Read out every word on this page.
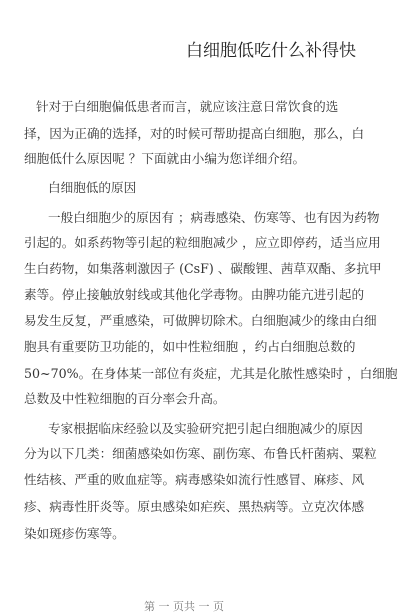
白细胞低吃什么补得快
针对于白细胞偏低患者而言，就应该注意日常饮食的选
择，因为正确的选择，对的时候可帮助提高白细胞，那么，白
细胞低什么原因呢 ？下面就由小编为您详细介绍。
白细胞低的原因
一般白细胞少的原因有 ；病毒感染、伤寒等、也有因为药物
引起的。如系药物等引起的粒细胞减少 ，应立即停药，适当应用
生白药物，如集落刺激因子 (CsF) 、碳酸锂、茜草双酯、多抗甲
素等。停止接触放射线或其他化学毒物。由脾功能亢进引起的
易发生反复，严重感染，可做脾切除术。白细胞减少的缘由白细
胞具有重要防卫功能的，如中性粒细胞 ，约占白细胞总数的
50~70%。在身体某一部位有炎症，尤其是化脓性感染时 ，白细胞
总数及中性粒细胞的百分率会升高。
专家根据临床经验以及实验研究把引起白细胞减少的原因
分为以下几类：细菌感染如伤寒、副伤寒、布鲁氏杆菌病、粟粒
性结核、严重的败血症等。病毒感染如流行性感冒、麻疹、风
疹、病毒性肝炎等。原虫感染如疟疾、黑热病等。立克次体感
染如斑疹伤寒等。
第 一 页共 一 页
